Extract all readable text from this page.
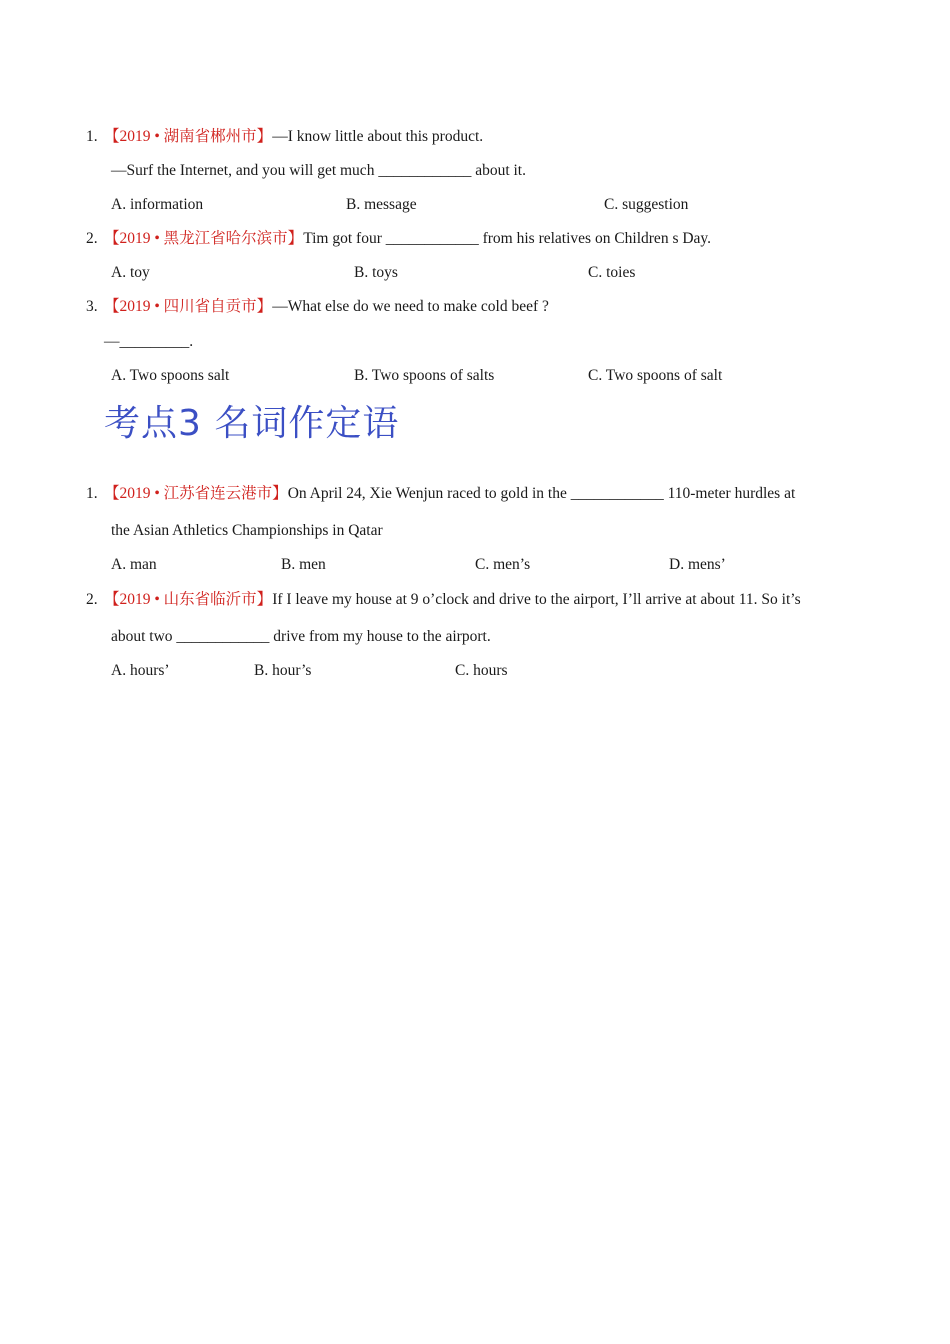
1. 【2019 • 湖南省郴州市】—I know little about this product.
—Surf the Internet, and you will get much ____________ about it.
A. information	B. message	C. suggestion
2. 【2019 • 黑龙江省哈尔滨市】Tim got four ____________ from his relatives on Children s Day.
A. toy	B. toys	C. toies
3. 【2019 • 四川省自贡市】—What else do we need to make cold beef ?
—_________.
A. Two spoons salt	B. Two spoons of salts	C. Two spoons of salt
考点3 名词作定语
1. 【2019 • 江苏省连云港市】On April 24, Xie Wenjun raced to gold in the ____________ 110-meter hurdles at
the Asian Athletics Championships in Qatar
A. man	B. men	C. men’s	D. mens’
2. 【2019 • 山东省临沂市】If I leave my house at 9 o’clock and drive to the airport, I’ll arrive at about 11. So it’s
about two ____________ drive from my house to the airport.
A. hours’	B. hour’s	C. hours
